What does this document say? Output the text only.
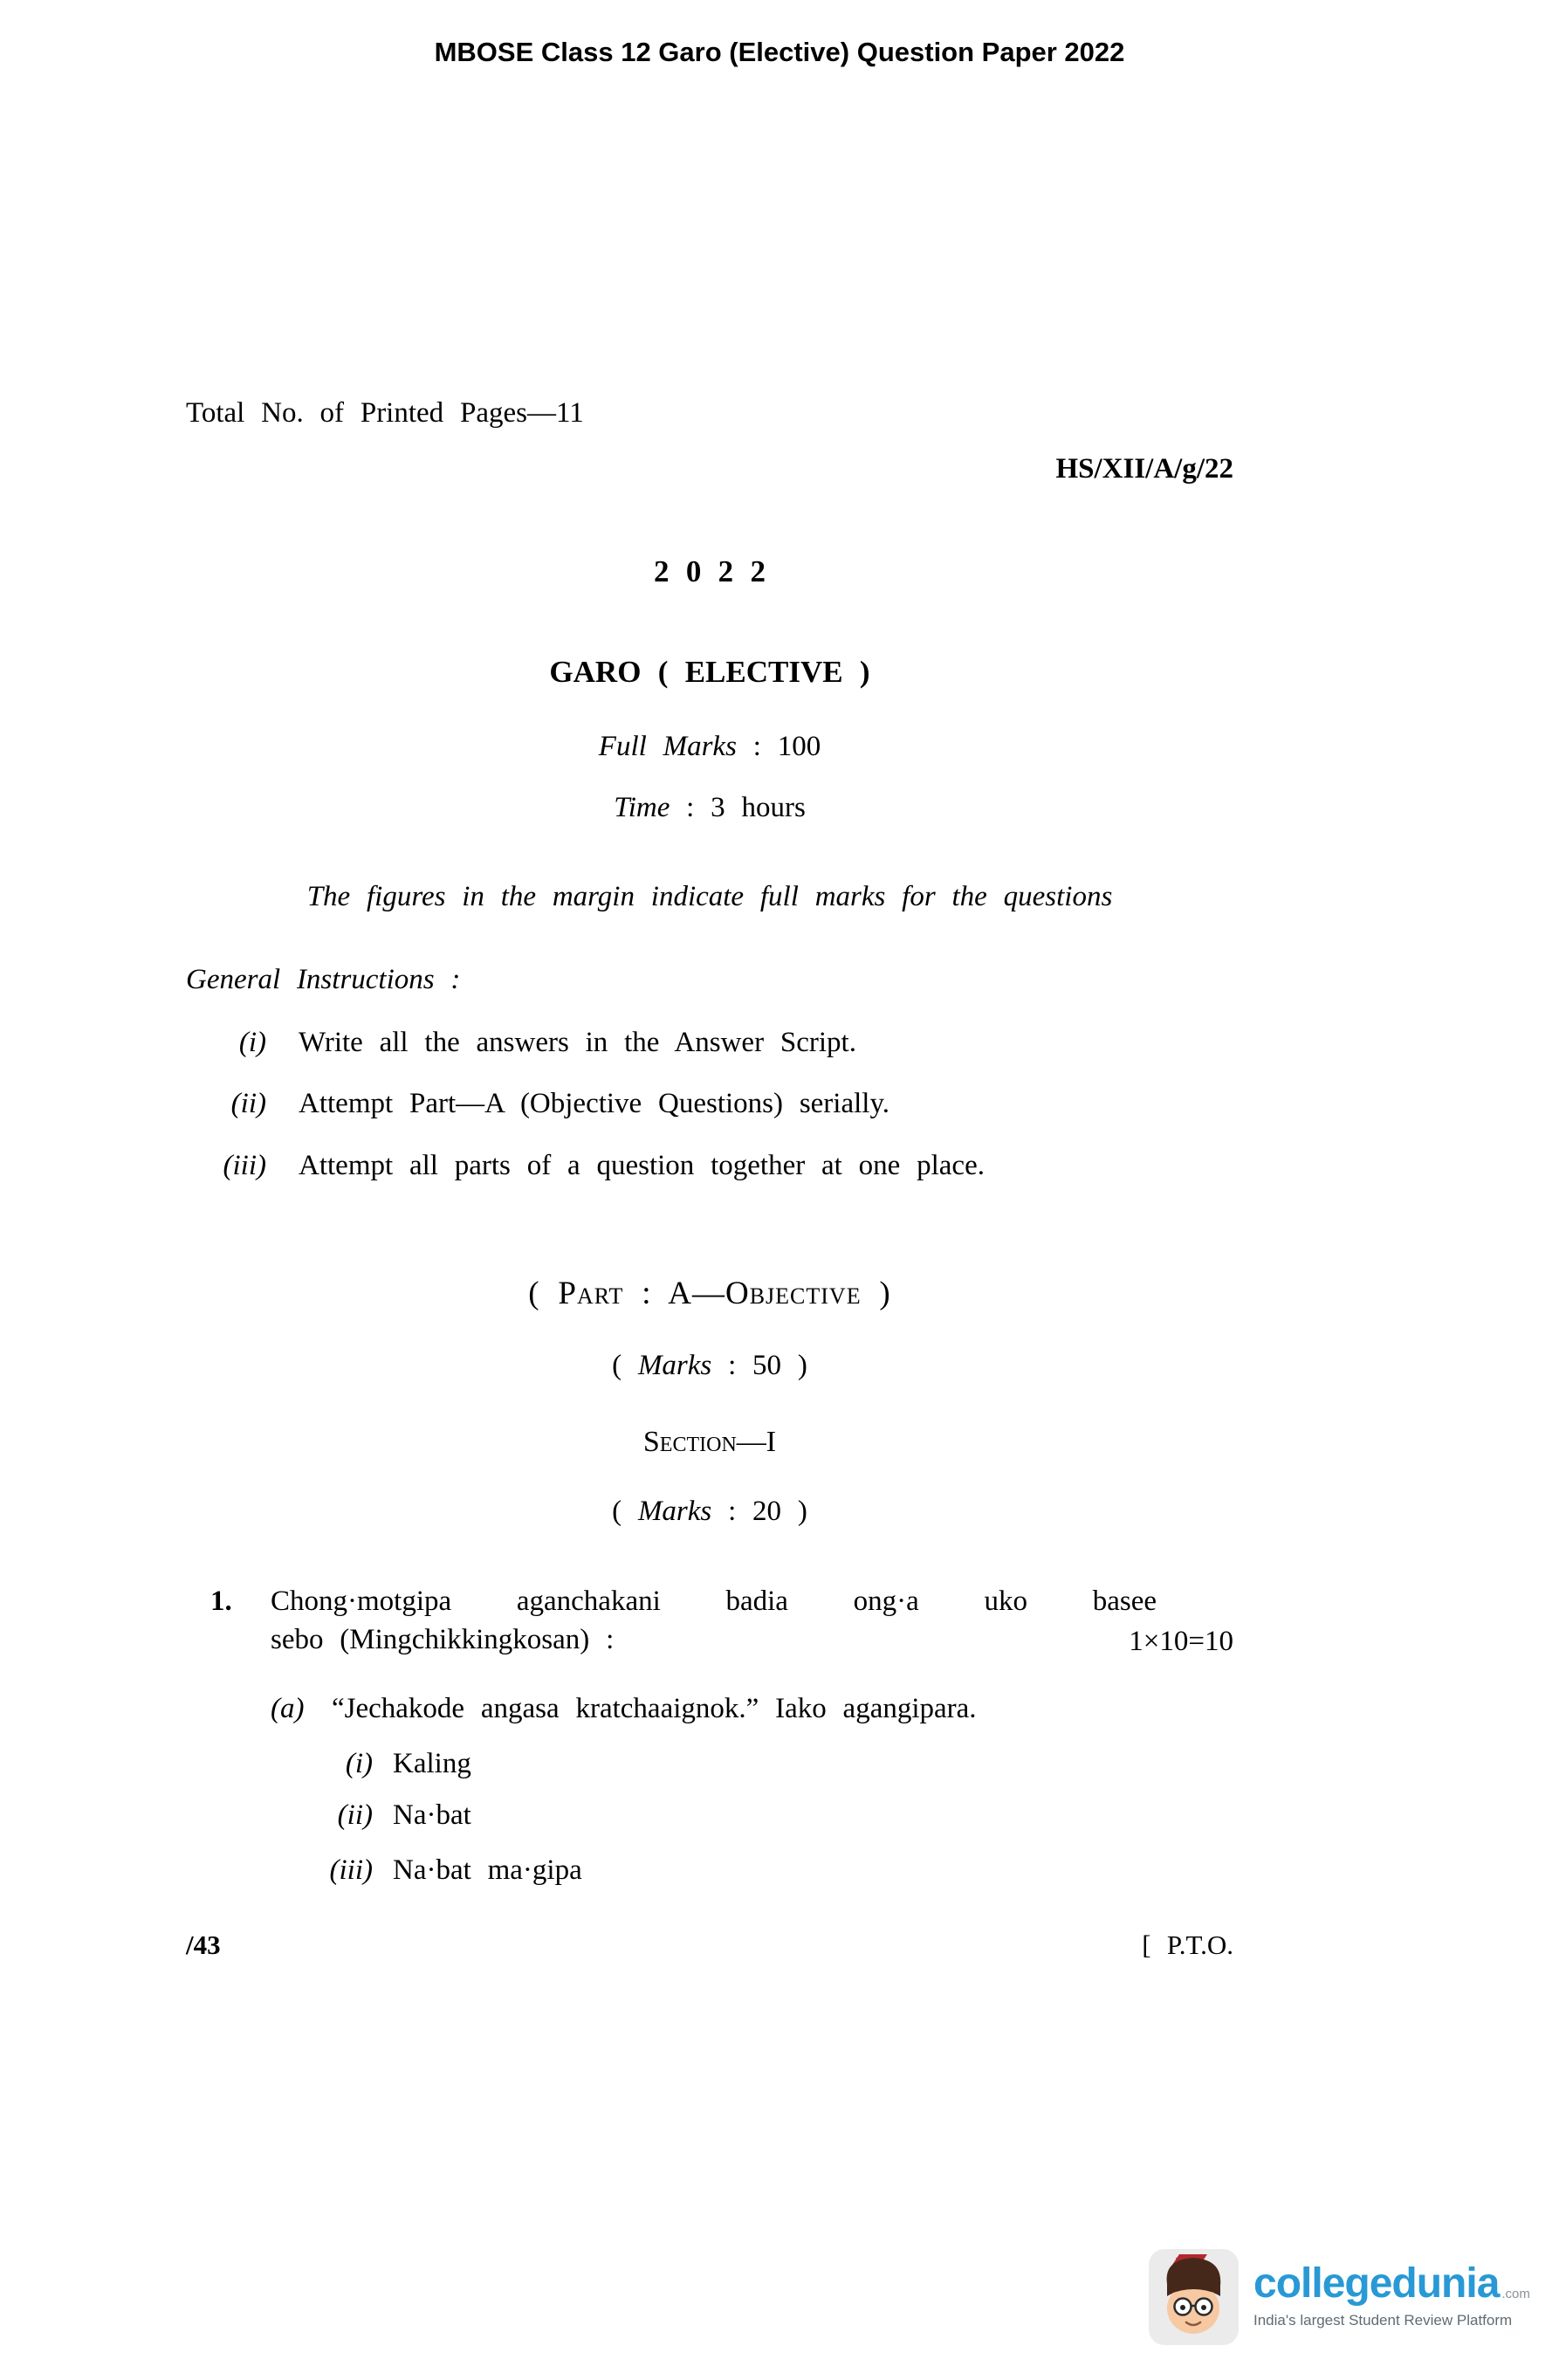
MBOSE Class 12 Garo (Elective) Question Paper 2022
Total No. of Printed Pages—11
HS/XII/A/g/22
2 0 2 2
GARO ( ELECTIVE )
Full Marks : 100
Time : 3 hours
The figures in the margin indicate full marks for the questions
General Instructions :
(i) Write all the answers in the Answer Script.
(ii) Attempt Part—A (Objective Questions) serially.
(iii) Attempt all parts of a question together at one place.
( Part : A—Objective )
( Marks : 50 )
Section—I
( Marks : 20 )
1. Chong·motgipa aganchakani badia ong·a uko basee
sebo (Mingchikkingkosan) :	1×10=10
(a) “Jechakode angasa kratchaaignok.” Iako agangipara.
(i) Kaling
(ii) Na·bat
(iii) Na·bat ma·gipa
/43	[ P.T.O.
collegedunia .com
India's largest Student Review Platform
